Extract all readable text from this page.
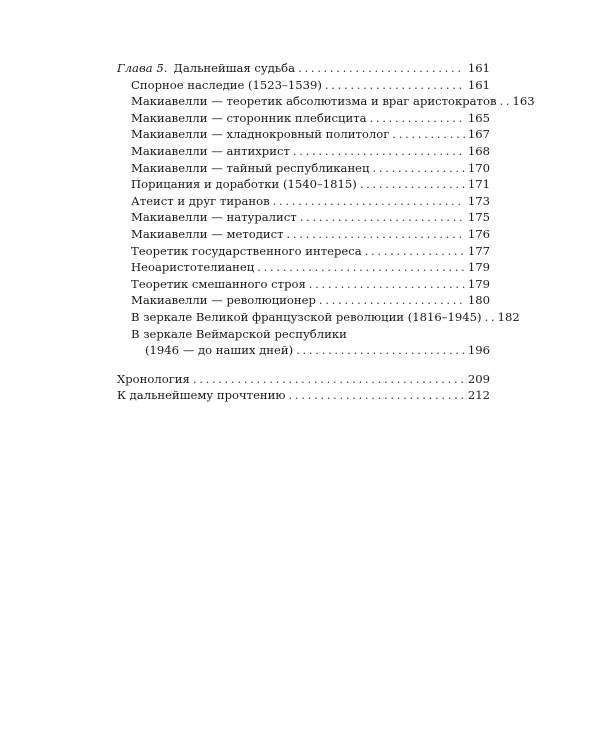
Глава 5. Дальнейшая судьба . . .	161
Спорное наследие (1523–1539) . . .	161
Макиавелли — теоретик абсолютизма и враг аристократов . . . 163
Макиавелли — сторонник плебисцита . . .	165
Макиавелли — хладнокровный политолог . . .	167
Макиавелли — антихрист . . .	168
Макиавелли — тайный республиканец . . .	170
Порицания и доработки (1540–1815) . . .	171
Атеист и друг тиранов . . .	173
Макиавелли — натуралист . . .	175
Макиавелли — методист . . .	176
Теоретик государственного интереса . . .	177
Неоаристотелианец . . .	179
Теоретик смешанного строя . . .	179
Макиавелли — революционер . . .	180
В зеркале Великой французской революции (1816–1945) . . . 182
В зеркале Веймарской республики
(1946 — до наших дней) . . .	196
Хронология . . .	209
К дальнейшему прочтению . . .	212
